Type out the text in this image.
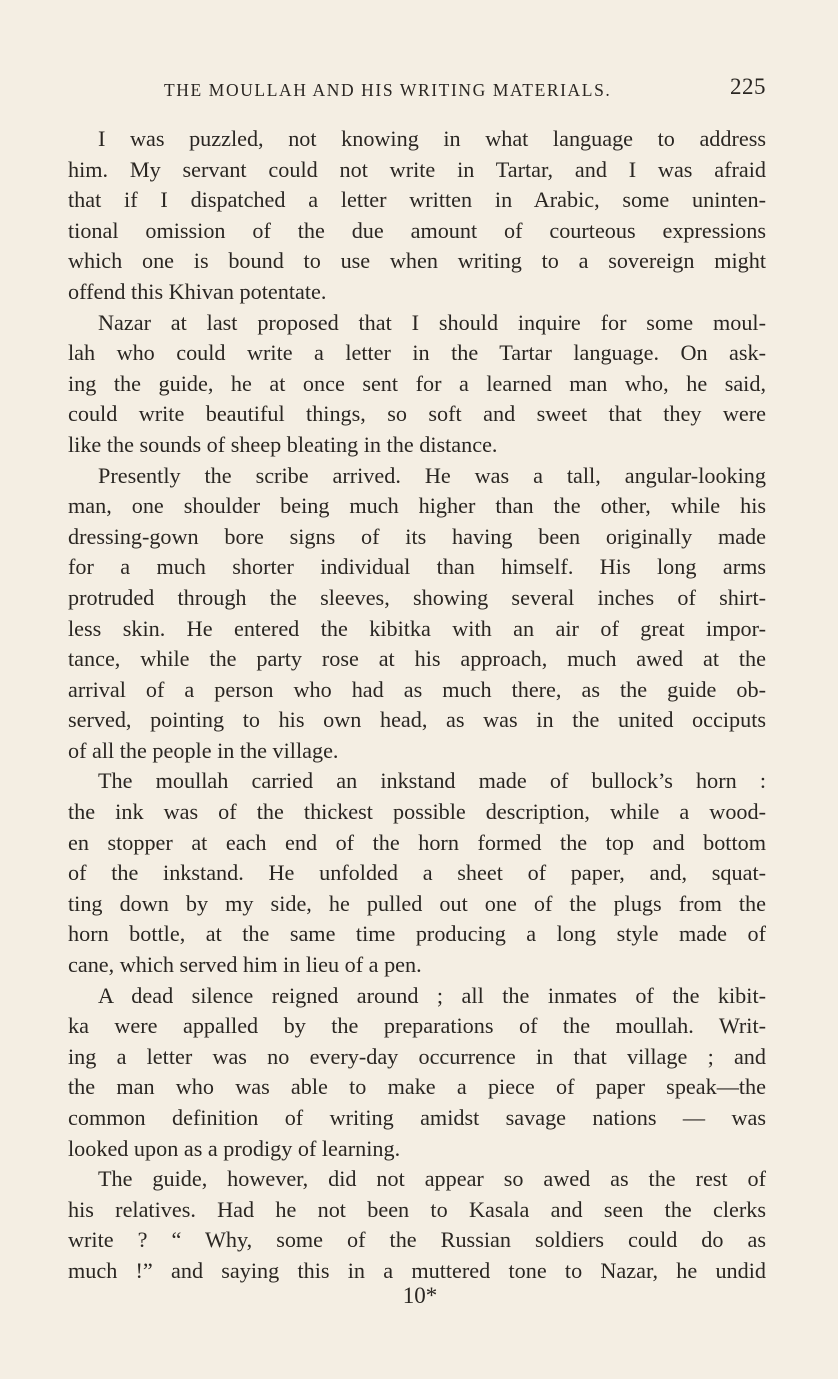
THE MOULLAH AND HIS WRITING MATERIALS.	225
I was puzzled, not knowing in what language to address
him. My servant could not write in Tartar, and I was afraid
that if I dispatched a letter written in Arabic, some uninten-
tional omission of the due amount of courteous expressions
which one is bound to use when writing to a sovereign might
offend this Khivan potentate.
Nazar at last proposed that I should inquire for some moul-
lah who could write a letter in the Tartar language. On ask-
ing the guide, he at once sent for a learned man who, he said,
could write beautiful things, so soft and sweet that they were
like the sounds of sheep bleating in the distance.
Presently the scribe arrived. He was a tall, angular-looking
man, one shoulder being much higher than the other, while his
dressing-gown bore signs of its having been originally made
for a much shorter individual than himself. His long arms
protruded through the sleeves, showing several inches of shirt-
less skin. He entered the kibitka with an air of great impor-
tance, while the party rose at his approach, much awed at the
arrival of a person who had as much there, as the guide ob-
served, pointing to his own head, as was in the united occiputs
of all the people in the village.
The moullah carried an inkstand made of bullock’s horn :
the ink was of the thickest possible description, while a wood-
en stopper at each end of the horn formed the top and bottom
of the inkstand. He unfolded a sheet of paper, and, squat-
ting down by my side, he pulled out one of the plugs from the
horn bottle, at the same time producing a long style made of
cane, which served him in lieu of a pen.
A dead silence reigned around ; all the inmates of the kibit-
ka were appalled by the preparations of the moullah. Writ-
ing a letter was no every-day occurrence in that village ; and
the man who was able to make a piece of paper speak—the
common definition of writing amidst savage nations — was
looked upon as a prodigy of learning.
The guide, however, did not appear so awed as the rest of
his relatives. Had he not been to Kasala and seen the clerks
write ? “ Why, some of the Russian soldiers could do as
much !” and saying this in a muttered tone to Nazar, he undid
10*
